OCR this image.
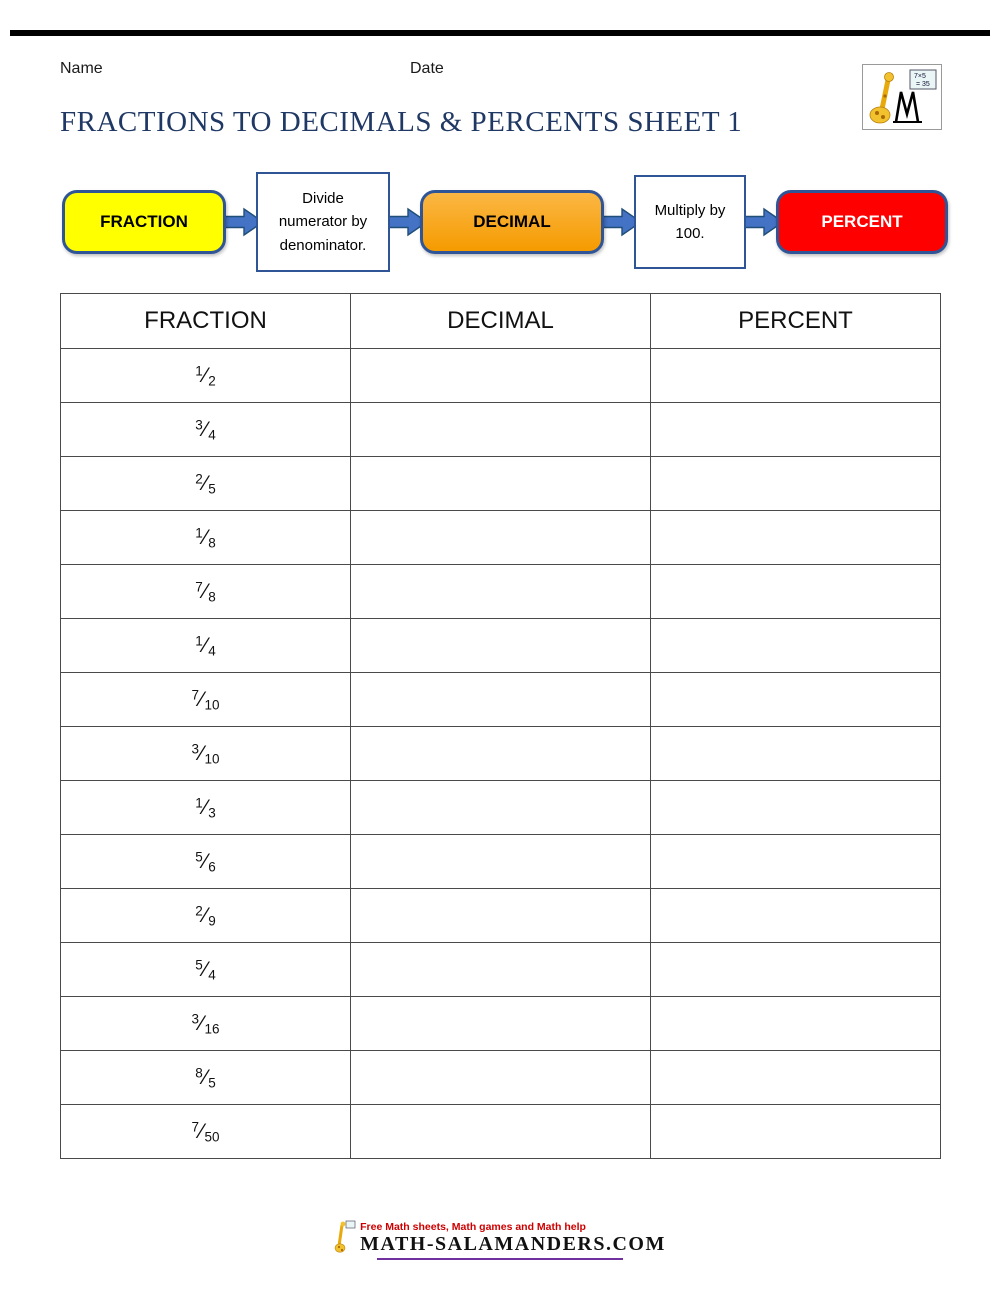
Name	Date	7×5
= 35
FRACTIONS TO DECIMALS & PERCENTS SHEET 1
FRACTION
Divide numerator by denominator.
DECIMAL
Multiply by 100.
PERCENT
FRACTION	DECIMAL	PERCENT
$^1$⁄ $_2$		
$^3$⁄ $_4$		
$^2$⁄ $_5$		
$^1$⁄ $_8$		
$^7$⁄ $_8$		
$^1$⁄ $_4$		
$^7$⁄ $_{10}$		
$^3$⁄ $_{10}$		
$^1$⁄ $_3$		
$^5$⁄ $_6$		
$^2$⁄ $_9$		
$^5$⁄ $_4$		
$^3$⁄ $_{16}$		
$^8$⁄ $_5$		
$^7$⁄ $_{50}$		
Free Math sheets, Math games and Math help
MATH-SALAMANDERS.COM
